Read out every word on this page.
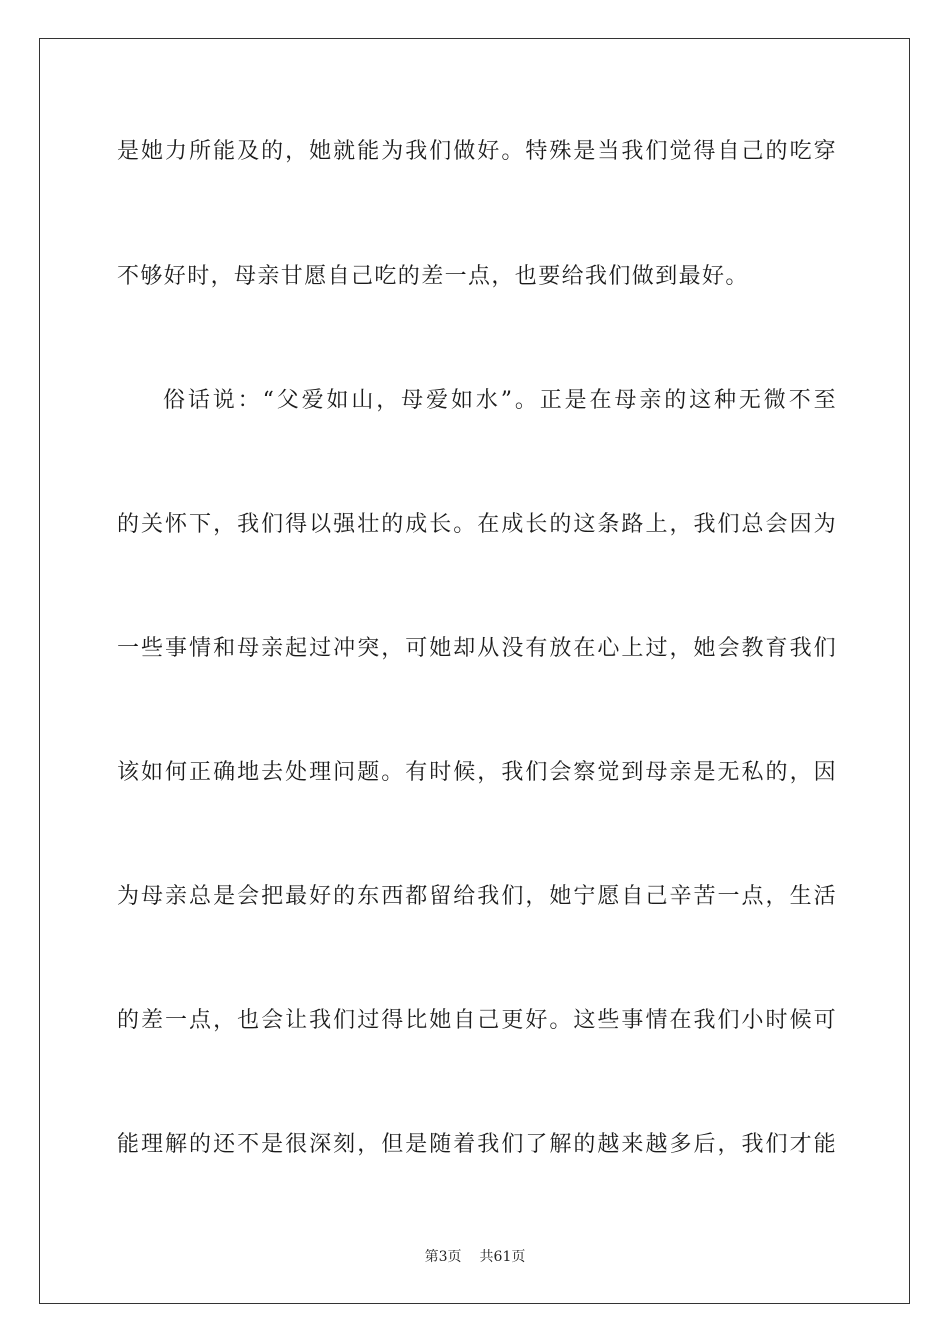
是她力所能及的，她就能为我们做好。特殊是当我们觉得自己的吃穿
不够好时，母亲甘愿自己吃的差一点，也要给我们做到最好。
俗话说：“父爱如山，母爱如水”。正是在母亲的这种无微不至
的关怀下，我们得以强壮的成长。在成长的这条路上，我们总会因为
一些事情和母亲起过冲突，可她却从没有放在心上过，她会教育我们
该如何正确地去处理问题。有时候，我们会察觉到母亲是无私的，因
为母亲总是会把最好的东西都留给我们，她宁愿自己辛苦一点，生活
的差一点，也会让我们过得比她自己更好。这些事情在我们小时候可
能理解的还不是很深刻，但是随着我们了解的越来越多后，我们才能
第3页 共61页
